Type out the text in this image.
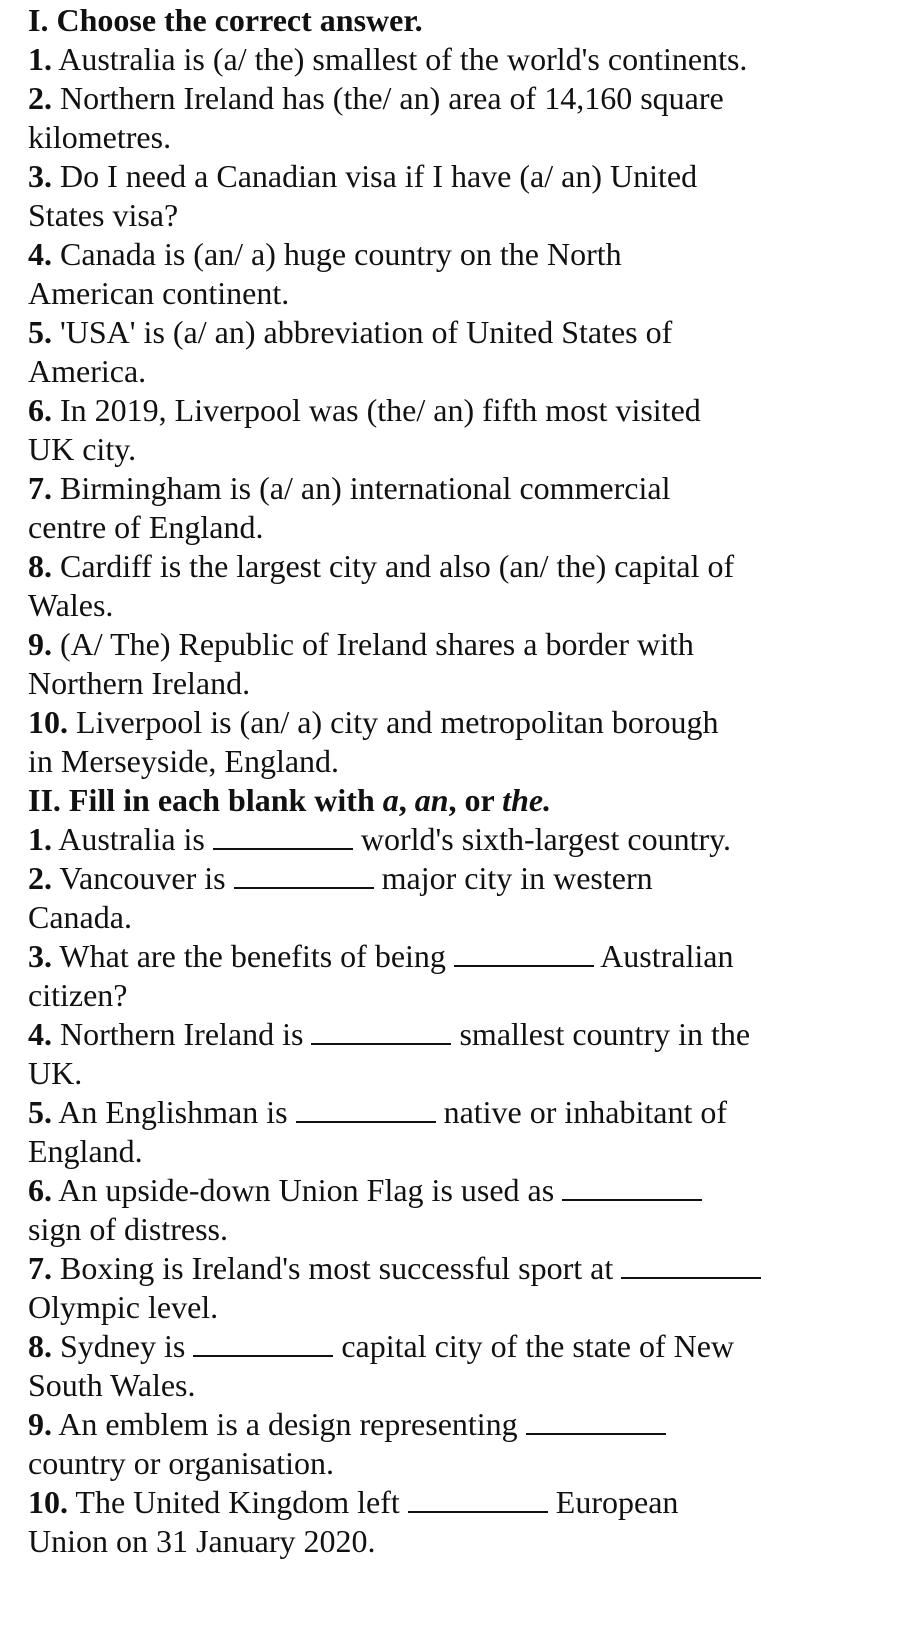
I. Choose the correct answer.
1. Australia is (a/ the) smallest of the world's continents.
2. Northern Ireland has (the/ an) area of 14,160 square
kilometres.
3. Do I need a Canadian visa if I have (a/ an) United
States visa?
4. Canada is (an/ a) huge country on the North
American continent.
5. 'USA' is (a/ an) abbreviation of United States of
America.
6. In 2019, Liverpool was (the/ an) fifth most visited
UK city.
7. Birmingham is (a/ an) international commercial
centre of England.
8. Cardiff is the largest city and also (an/ the) capital of
Wales.
9. (A/ The) Republic of Ireland shares a border with
Northern Ireland.
10. Liverpool is (an/ a) city and metropolitan borough
in Merseyside, England.
II. Fill in each blank with a, an, or the.
1. Australia is	world's sixth-largest country.
2. Vancouver is	major city in western
Canada.
3. What are the benefits of being	Australian
citizen?
4. Northern Ireland is	smallest country in the
UK.
5. An Englishman is	native or inhabitant of
England.
6. An upside-down Union Flag is used as
sign of distress.
7. Boxing is Ireland's most successful sport at
Olympic level.
8. Sydney is	capital city of the state of New
South Wales.
9. An emblem is a design representing
country or organisation.
10. The United Kingdom left	European
Union on 31 January 2020.
